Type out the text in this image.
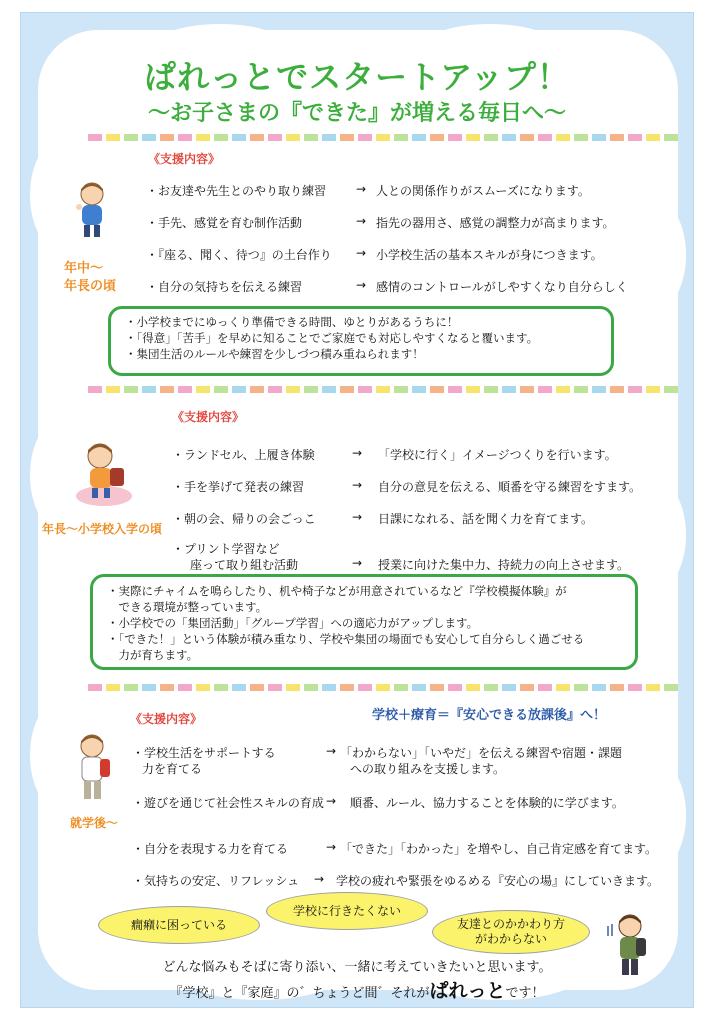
ぱれっとでスタートアップ！
～お子さまの『できた』が増える毎日へ～
《支援内容》
年中～
年長の頃
・お友達や先生とのやり取り練習 → 人との関係作りがスムーズになります。
・手先、感覚を育む制作活動	→ 指先の器用さ、感覚の調整力が高まります。
・『座る、聞く、待つ』の土台作り → 小学校生活の基本スキルが身につきます。
・自分の気持ちを伝える練習	→ 感情のコントロールがしやすくなり自分らしく
・小学校までにゆっくり準備できる時間、ゆとりがあるうちに！
・「得意」「苦手」を早めに知ることでご家庭でも対応しやすくなると覆います。
・集団生活のルールや練習を少しづつ積み重ねられます！
《支援内容》
年長～小学校入学の頃
・ランドセル、上履き体験	→ 「学校に行く」イメージつくりを行います。
・手を挙げて発表の練習	→ 自分の意見を伝える、順番を守る練習をすます。
・朝の会、帰りの会ごっこ	→ 日課になれる、話を聞く力を育てます。
・プリント学習など
座って取り組む活動	→ 授業に向けた集中力、持続力の向上させます。
・実際にチャイムを鳴らしたり、机や椅子などが用意されているなど『学校模擬体験』が
　できる環境が整っています。
・小学校での「集団活動」「グループ学習」への適応力がアップします。
・「できた！」という体験が積み重なり、学校や集団の場面でも安心して自分らしく過ごせる
　力が育ちます。
《支援内容》	学校＋療育＝『安心できる放課後』へ！
就学後～
・学校生活をサポートする
力を育てる
→ 「わからない」「いやだ」を伝える練習や宿題・課題
への取り組みを支援します。
・遊びを通じて社会性スキルの育成 → 順番、ルール、協力することを体験的に学びます。
・自分を表現する力を育てる	→ 「できた」「わかった」を増やし、自己肯定感を育てます。
・気持ちの安定、リフレッシュ → 学校の疲れや緊張をゆるめる『安心の場』にしていきます。
癇癪に困っている
学校に行きたくない
友達とのかかわり方がわからない
どんな悩みもそばに寄り添い、一緒に考えていきたいと思います。
『学校』と『家庭』の゛ちょうど間゛それがぱれっとです！
